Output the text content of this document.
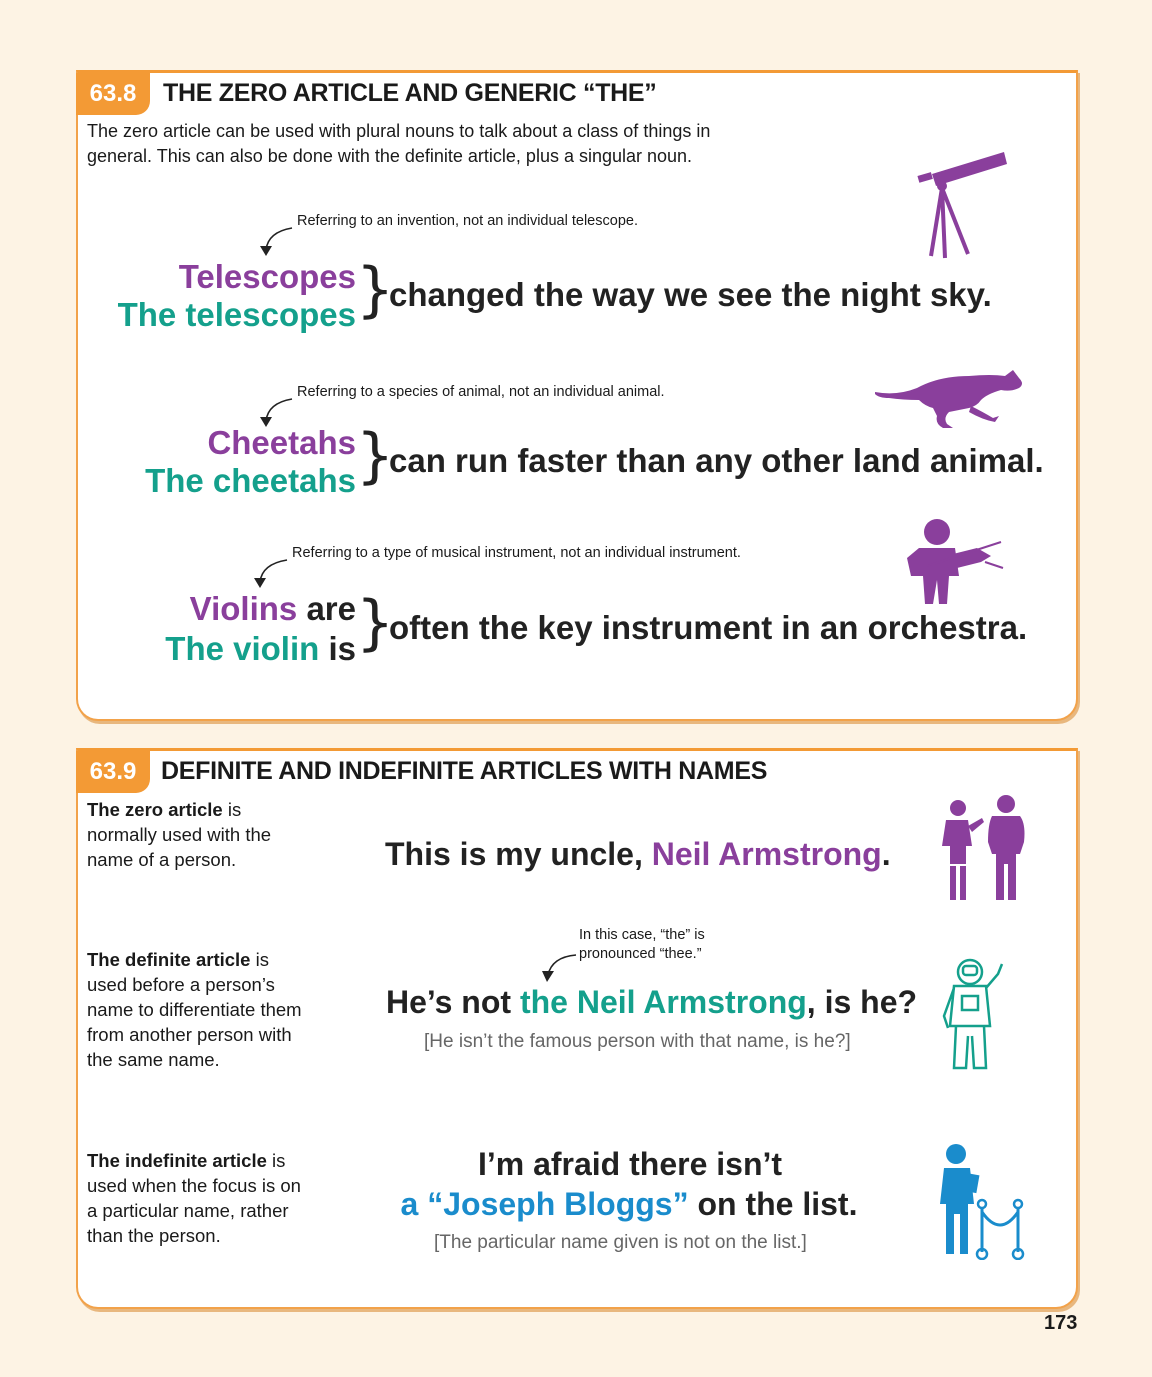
63.8	THE ZERO ARTICLE AND GENERIC “THE”
The zero article can be used with plural nouns to talk about a class of things in
general. This can also be done with the definite article, plus a singular noun.
Referring to an invention, not an individual telescope.
Telescopes
The telescopes }
changed the way we see the night sky.
Referring to a species of animal, not an individual animal.
Cheetahs
The cheetahs }
can run faster than any other land animal.
Referring to a type of musical instrument, not an individual instrument.
Violins are
The violin is }
often the key instrument in an orchestra.
63.9 DEFINITE AND INDEFINITE ARTICLES WITH NAMES
The zero article is normally used with the name of a person.	This is my uncle, Neil Armstrong.
The definite article is used before a person’s name to differentiate them from another person with the same name.
In this case, “the” is
pronounced “thee.”
He’s not the Neil Armstrong, is he?
[He isn’t the famous person with that name, is he?]
The indefinite article is used when the focus is on a particular name, rather than the person.
I’m afraid there isn’t
a “Joseph Bloggs” on the list.
[The particular name given is not on the list.]
173
